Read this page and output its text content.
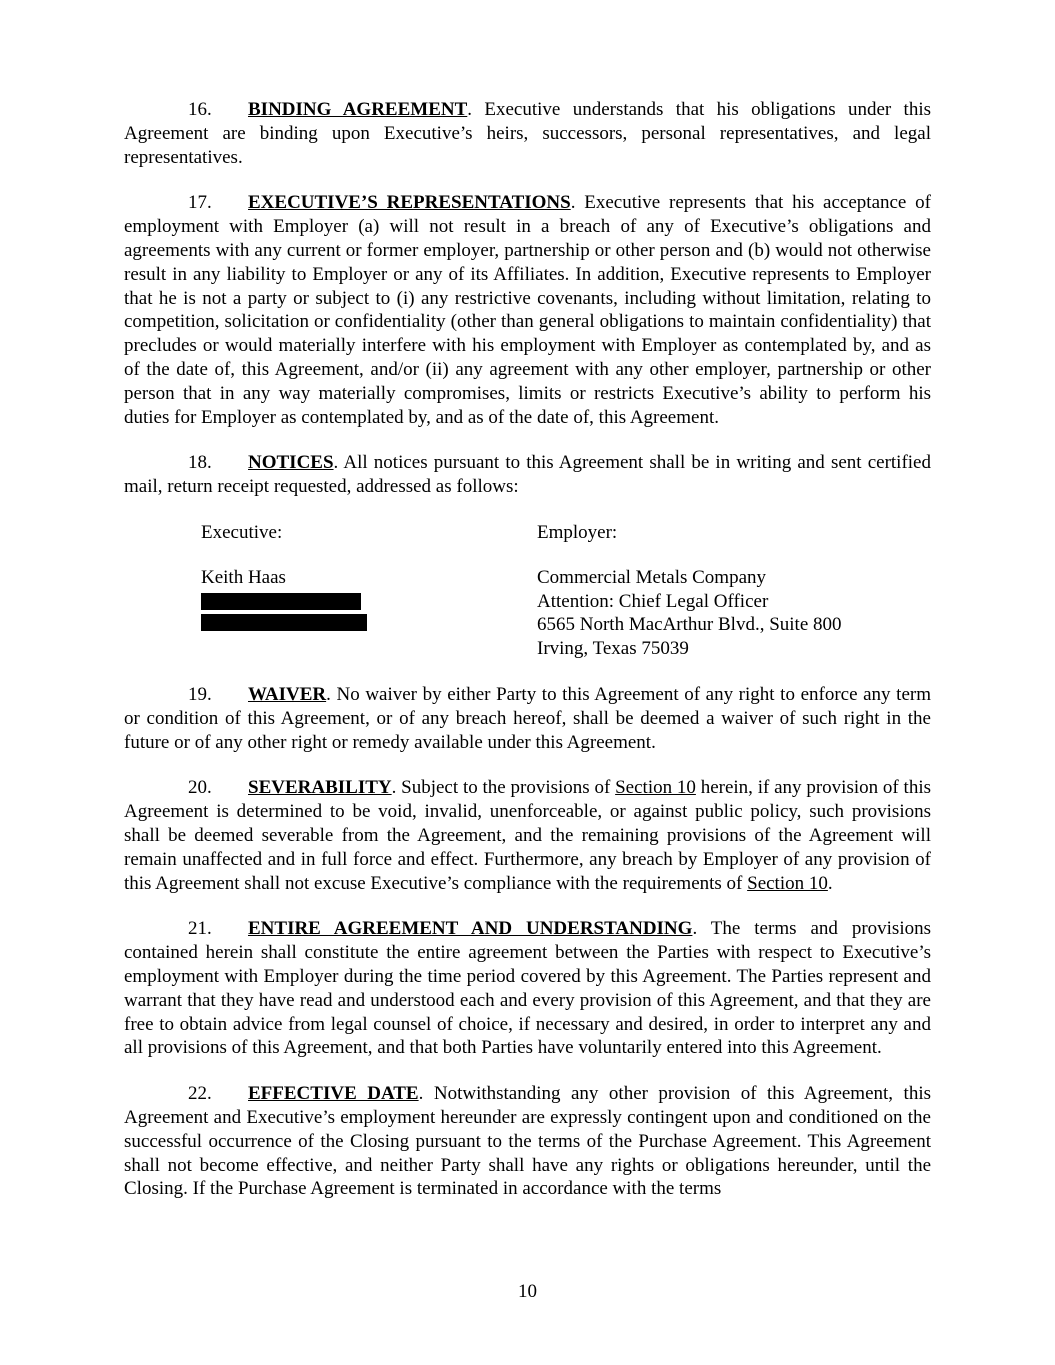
16. BINDING AGREEMENT. Executive understands that his obligations under this Agreement are binding upon Executive’s heirs, successors, personal representatives, and legal representatives.

17. EXECUTIVE’S REPRESENTATIONS. Executive represents that his acceptance of employment with Employer (a) will not result in a breach of any of Executive’s obligations and agreements with any current or former employer, partnership or other person and (b) would not otherwise result in any liability to Employer or any of its Affiliates. In addition, Executive represents to Employer that he is not a party or subject to (i) any restrictive covenants, including without limitation, relating to competition, solicitation or confidentiality (other than general obligations to maintain confidentiality) that precludes or would materially interfere with his employment with Employer as contemplated by, and as of the date of, this Agreement, and/or (ii) any agreement with any other employer, partnership or other person that in any way materially compromises, limits or restricts Executive’s ability to perform his duties for Employer as contemplated by, and as of the date of, this Agreement.

18. NOTICES. All notices pursuant to this Agreement shall be in writing and sent certified mail, return receipt requested, addressed as follows:

Executive:
Keith Haas
Employer:
Commercial Metals Company
Attention: Chief Legal Officer
6565 North MacArthur Blvd., Suite 800
Irving, Texas 75039

19. WAIVER. No waiver by either Party to this Agreement of any right to enforce any term or condition of this Agreement, or of any breach hereof, shall be deemed a waiver of such right in the future or of any other right or remedy available under this Agreement.

20. SEVERABILITY. Subject to the provisions of Section 10 herein, if any provision of this Agreement is determined to be void, invalid, unenforceable, or against public policy, such provisions shall be deemed severable from the Agreement, and the remaining provisions of the Agreement will remain unaffected and in full force and effect. Furthermore, any breach by Employer of any provision of this Agreement shall not excuse Executive’s compliance with the requirements of Section 10.

21. ENTIRE AGREEMENT AND UNDERSTANDING. The terms and provisions contained herein shall constitute the entire agreement between the Parties with respect to Executive’s employment with Employer during the time period covered by this Agreement. The Parties represent and warrant that they have read and understood each and every provision of this Agreement, and that they are free to obtain advice from legal counsel of choice, if necessary and desired, in order to interpret any and all provisions of this Agreement, and that both Parties have voluntarily entered into this Agreement.

22. EFFECTIVE DATE. Notwithstanding any other provision of this Agreement, this Agreement and Executive’s employment hereunder are expressly contingent upon and conditioned on the successful occurrence of the Closing pursuant to the terms of the Purchase Agreement. This Agreement shall not become effective, and neither Party shall have any rights or obligations hereunder, until the Closing. If the Purchase Agreement is terminated in accordance with the terms

10
